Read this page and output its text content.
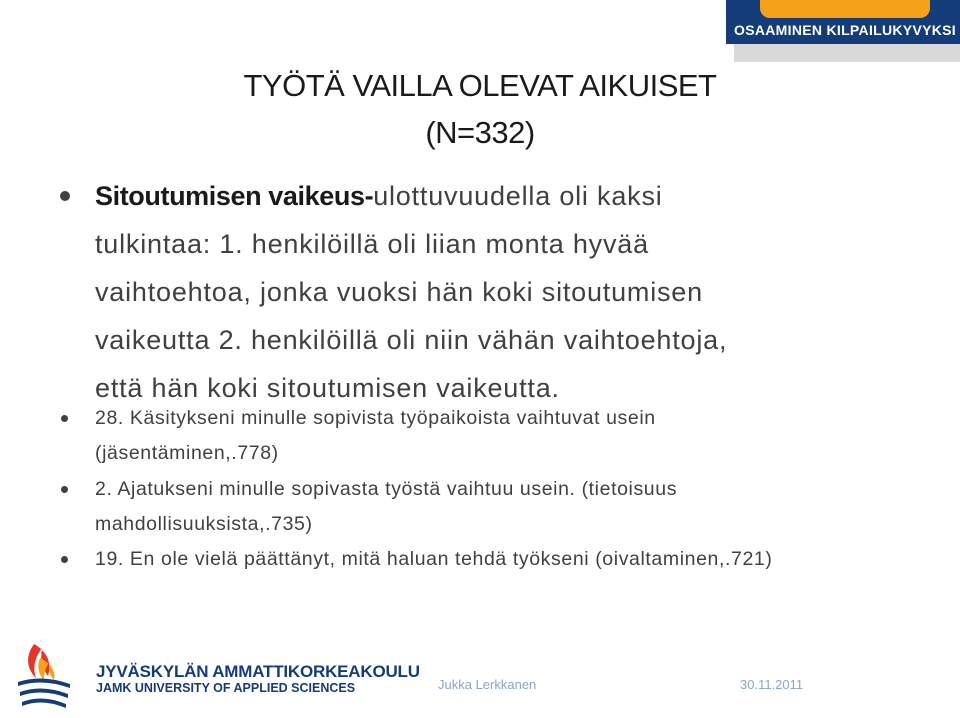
OSAAMINEN KILPAILUKYVYKSI
TYÖTÄ VAILLA OLEVAT AIKUISET
(N=332)
Sitoutumisen vaikeus-ulottuvuudella oli kaksi
tulkintaa: 1. henkilöillä oli liian monta hyvää
vaihtoehtoa, jonka vuoksi hän koki sitoutumisen
vaikeutta 2. henkilöillä oli niin vähän vaihtoehtoja,
että hän koki sitoutumisen vaikeutta.
28. Käsitykseni minulle sopivista työpaikoista vaihtuvat usein
(jäsentäminen,.778)
2. Ajatukseni minulle sopivasta työstä vaihtuu usein. (tietoisuus
mahdollisuuksista,.735)
19. En ole vielä päättänyt, mitä haluan tehdä työkseni (oivaltaminen,.721)
JYVÄSKYLÄN AMMATTIKORKEAKOULU
JAMK UNIVERSITY OF APPLIED SCIENCES	Jukka Lerkkanen	30.11.2011
